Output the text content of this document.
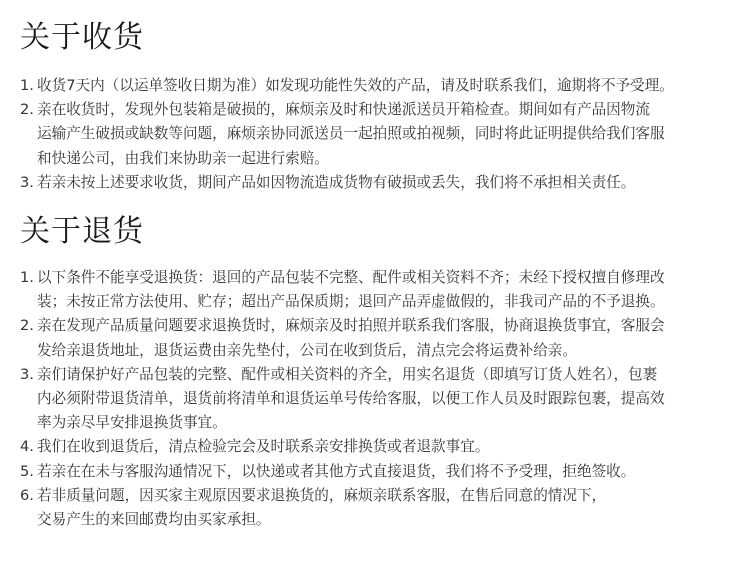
关于收货
1. 收货7天内（以运单签收日期为准）如发现功能性失效的产品，请及时联系我们，逾期将不予受理。
2. 亲在收货时，发现外包装箱是破损的，麻烦亲及时和快递派送员开箱检查。期间如有产品因物流
运输产生破损或缺数等问题，麻烦亲协同派送员一起拍照或拍视频，同时将此证明提供给我们客服
和快递公司，由我们来协助亲一起进行索赔。
3. 若亲未按上述要求收货，期间产品如因物流造成货物有破损或丢失，我们将不承担相关责任。
关于退货
1. 以下条件不能享受退换货：退回的产品包装不完整、配件或相关资料不齐；未经下授权擅自修理改
装；未按正常方法使用、贮存；超出产品保质期；退回产品弄虚做假的，非我司产品的不予退换。
2. 亲在发现产品质量问题要求退换货时，麻烦亲及时拍照并联系我们客服，协商退换货事宜，客服会
发给亲退货地址，退货运费由亲先垫付，公司在收到货后，清点完会将运费补给亲。
3. 亲们请保护好产品包装的完整、配件或相关资料的齐全，用实名退货（即填写订货人姓名），包裹
内必须附带退货清单，退货前将清单和退货运单号传给客服，以便工作人员及时跟踪包裹，提高效
率为亲尽早安排退换货事宜。
4. 我们在收到退货后，清点检验完会及时联系亲安排换货或者退款事宜。
5. 若亲在在未与客服沟通情况下，以快递或者其他方式直接退货，我们将不予受理，拒绝签收。
6. 若非质量问题，因买家主观原因要求退换货的，麻烦亲联系客服，在售后同意的情况下，
交易产生的来回邮费均由买家承担。
